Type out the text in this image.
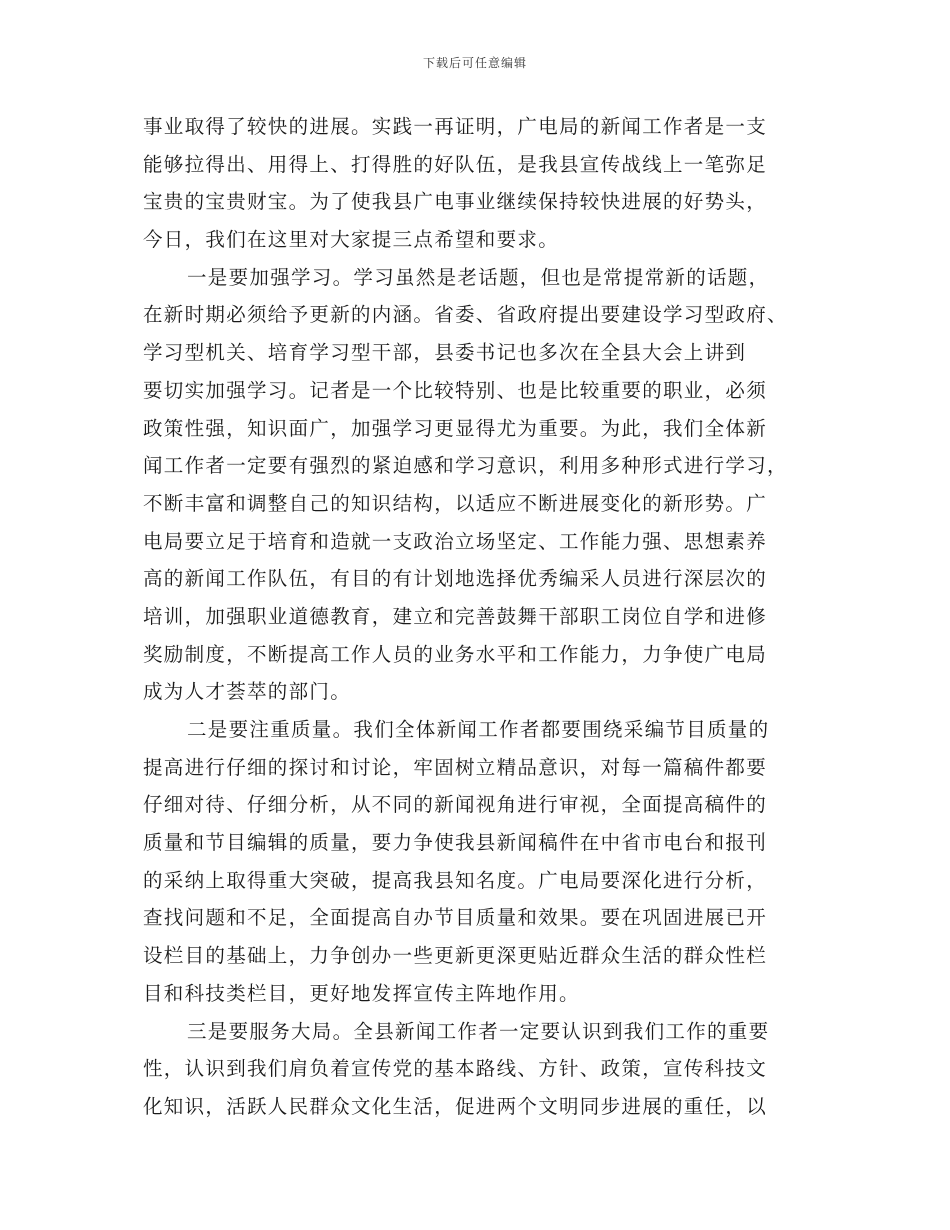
下载后可任意编辑
事业取得了较快的进展。实践一再证明，广电局的新闻工作者是一支
能够拉得出、用得上、打得胜的好队伍，是我县宣传战线上一笔弥足
宝贵的宝贵财宝。为了使我县广电事业继续保持较快进展的好势头，
今日，我们在这里对大家提三点希望和要求。
一是要加强学习。学习虽然是老话题，但也是常提常新的话题，
在新时期必须给予更新的内涵。省委、省政府提出要建设学习型政府、
学习型机关、培育学习型干部，县委书记也多次在全县大会上讲到
要切实加强学习。记者是一个比较特别、也是比较重要的职业，必须
政策性强，知识面广，加强学习更显得尤为重要。为此，我们全体新
闻工作者一定要有强烈的紧迫感和学习意识，利用多种形式进行学习，
不断丰富和调整自己的知识结构，以适应不断进展变化的新形势。广
电局要立足于培育和造就一支政治立场坚定、工作能力强、思想素养
高的新闻工作队伍，有目的有计划地选择优秀编采人员进行深层次的
培训，加强职业道德教育，建立和完善鼓舞干部职工岗位自学和进修
奖励制度，不断提高工作人员的业务水平和工作能力，力争使广电局
成为人才荟萃的部门。
二是要注重质量。我们全体新闻工作者都要围绕采编节目质量的
提高进行仔细的探讨和讨论，牢固树立精品意识，对每一篇稿件都要
仔细对待、仔细分析，从不同的新闻视角进行审视，全面提高稿件的
质量和节目编辑的质量，要力争使我县新闻稿件在中省市电台和报刊
的采纳上取得重大突破，提高我县知名度。广电局要深化进行分析，
查找问题和不足，全面提高自办节目质量和效果。要在巩固进展已开
设栏目的基础上，力争创办一些更新更深更贴近群众生活的群众性栏
目和科技类栏目，更好地发挥宣传主阵地作用。
三是要服务大局。全县新闻工作者一定要认识到我们工作的重要
性，认识到我们肩负着宣传党的基本路线、方针、政策，宣传科技文
化知识，活跃人民群众文化生活，促进两个文明同步进展的重任，以
